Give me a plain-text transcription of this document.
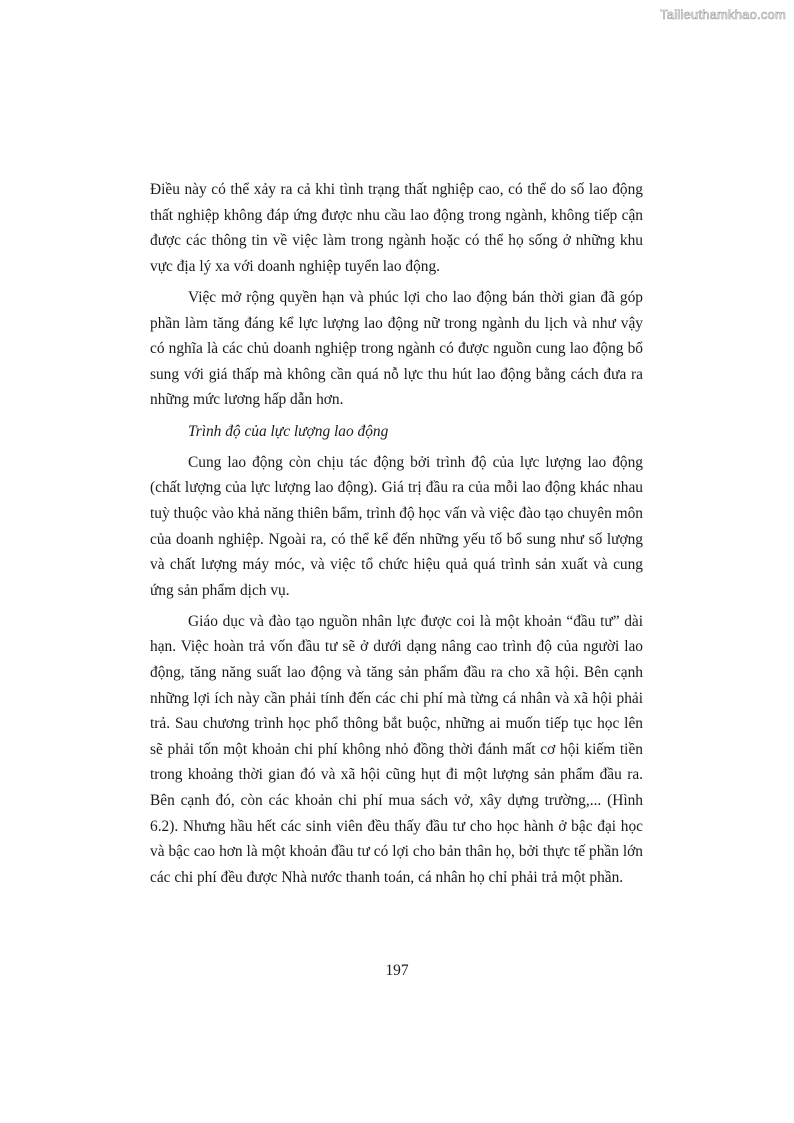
Tailieuthamkhao.com

Điều này có thể xảy ra cả khi tình trạng thất nghiệp cao, có thể do số lao động thất nghiệp không đáp ứng được nhu cầu lao động trong ngành, không tiếp cận được các thông tin về việc làm trong ngành hoặc có thể họ sống ở những khu vực địa lý xa với doanh nghiệp tuyển lao động.

Việc mở rộng quyền hạn và phúc lợi cho lao động bán thời gian đã góp phần làm tăng đáng kể lực lượng lao động nữ trong ngành du lịch và như vậy có nghĩa là các chủ doanh nghiệp trong ngành có được nguồn cung lao động bổ sung với giá thấp mà không cần quá nỗ lực thu hút lao động bằng cách đưa ra những mức lương hấp dẫn hơn.

Trình độ của lực lượng lao động

Cung lao động còn chịu tác động bởi trình độ của lực lượng lao động (chất lượng của lực lượng lao động). Giá trị đầu ra của mỗi lao động khác nhau tuỳ thuộc vào khả năng thiên bẩm, trình độ học vấn và việc đào tạo chuyên môn của doanh nghiệp. Ngoài ra, có thể kể đến những yếu tố bổ sung như số lượng và chất lượng máy móc, và việc tổ chức hiệu quả quá trình sản xuất và cung ứng sản phẩm dịch vụ.

Giáo dục và đào tạo nguồn nhân lực được coi là một khoản “đầu tư” dài hạn. Việc hoàn trả vốn đầu tư sẽ ở dưới dạng nâng cao trình độ của người lao động, tăng năng suất lao động và tăng sản phẩm đầu ra cho xã hội. Bên cạnh những lợi ích này cần phải tính đến các chi phí mà từng cá nhân và xã hội phải trả. Sau chương trình học phổ thông bắt buộc, những ai muốn tiếp tục học lên sẽ phải tốn một khoản chi phí không nhỏ đồng thời đánh mất cơ hội kiếm tiền trong khoảng thời gian đó và xã hội cũng hụt đi một lượng sản phẩm đầu ra. Bên cạnh đó, còn các khoản chi phí mua sách vở, xây dựng trường,... (Hình 6.2). Nhưng hầu hết các sinh viên đều thấy đầu tư cho học hành ở bậc đại học và bậc cao hơn là một khoản đầu tư có lợi cho bản thân họ, bởi thực tế phần lớn các chi phí đều được Nhà nước thanh toán, cá nhân họ chỉ phải trả một phần.

197
